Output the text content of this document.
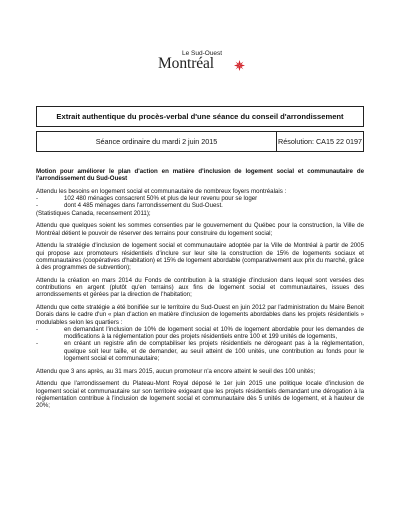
Le Sud-Ouest
Montréal
Extrait authentique du procès-verbal d'une séance du conseil d'arrondissement
Séance ordinaire du mardi 2 juin 2015	Résolution: CA15 22 0197

Motion pour améliorer le plan d'action en matière d'inclusion de logement social et communautaire de l'arrondissement du Sud-Ouest

Attendu les besoins en logement social et communautaire de nombreux foyers montréalais :
-	102 480 ménages consacrent 50% et plus de leur revenu pour se loger
-	dont 4 485 ménages dans l'arrondissement du Sud-Ouest.
(Statistiques Canada, recensement 2011);

Attendu que quelques soient les sommes consenties par le gouvernement du Québec pour la construction, la Ville de Montréal détient le pouvoir de réserver des terrains pour construire du logement social;

Attendu la stratégie d'inclusion de logement social et communautaire adoptée par la Ville de Montréal à partir de 2005 qui propose aux promoteurs résidentiels d'inclure sur leur site la construction de 15% de logements sociaux et communautaires (coopératives d'habitation) et 15% de logement abordable (comparativement aux prix du marché, grâce à des programmes de subvention);

Attendu la création en mars 2014 du Fonds de contribution à la stratégie d'inclusion dans lequel sont versées des contributions en argent (plutôt qu'en terrains) aux fins de logement social et communautaires, issues des arrondissements et gérées par la direction de l'habitation;

Attendu que cette stratégie a été bonifiée sur le territoire du Sud-Ouest en juin 2012 par l'administration du Maire Benoit Dorais dans le cadre d'un « plan d'action en matière d'inclusion de logements abordables dans les projets résidentiels » modulables selon les quartiers :
-	en demandant l'inclusion de 10% de logement social et 10% de logement abordable pour les demandes de modifications à la réglementation pour des projets résidentiels entre 100 et 199 unités de logements,
-	en créant un registre afin de comptabiliser les projets résidentiels ne dérogeant pas à la réglementation, quelque soit leur taille, et de demander, au seuil atteint de 100 unités, une contribution au fonds pour le logement social et communautaire;

Attendu que 3 ans après, au 31 mars 2015, aucun promoteur n'a encore atteint le seuil des 100 unités;

Attendu que l'arrondissement du Plateau-Mont Royal déposé le 1er juin 2015 une politique locale d'inclusion de logement social et communautaire sur son territoire exigeant que les projets résidentiels demandant une dérogation à la réglementation contribue à l'inclusion de logement social et communautaire dès 5 unités de logement, et à hauteur de 20%;
